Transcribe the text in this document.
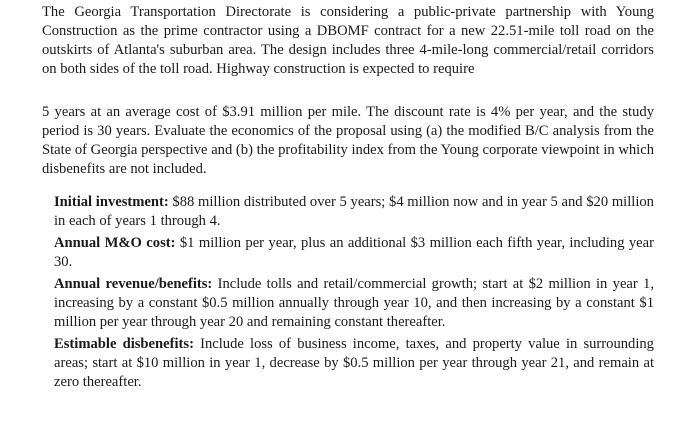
The Georgia Transportation Directorate is considering a public-private partnership with Young Construction as the prime contractor using a DBOMF contract for a new 22.51-mile toll road on the outskirts of Atlanta's suburban area. The design includes three 4-mile-long commercial/retail corridors on both sides of the toll road. Highway construction is expected to require

5 years at an average cost of $3.91 million per mile. The discount rate is 4% per year, and the study period is 30 years. Evaluate the economics of the proposal using (a) the modified B/C analysis from the State of Georgia perspective and (b) the profitability index from the Young corporate viewpoint in which disbenefits are not included.

Initial investment: $88 million distributed over 5 years; $4 million now and in year 5 and $20 million in each of years 1 through 4.

Annual M&O cost: $1 million per year, plus an additional $3 million each fifth year, including year 30.

Annual revenue/benefits: Include tolls and retail/commercial growth; start at $2 million in year 1, increasing by a constant $0.5 million annually through year 10, and then increasing by a constant $1 million per year through year 20 and remaining constant thereafter.

Estimable disbenefits: Include loss of business income, taxes, and property value in surrounding areas; start at $10 million in year 1, decrease by $0.5 million per year through year 21, and remain at zero thereafter.
